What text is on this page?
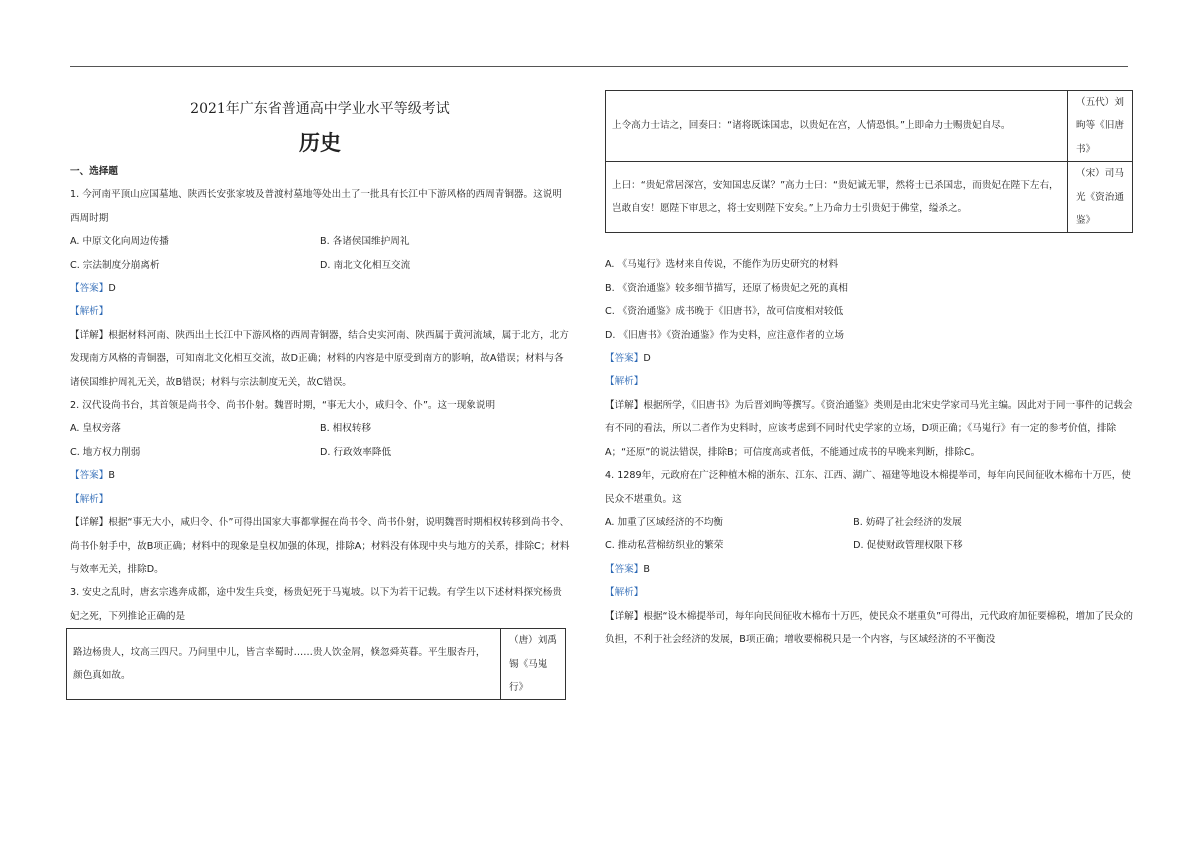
2021年广东省普通高中学业水平等级考试
历史
一、选择题

1. 今河南平顶山应国墓地、陕西长安张家坡及普渡村墓地等处出土了一批具有长江中下游风格的西周青铜器。这说明西周时期

A. 中原文化向周边传播	B. 各诸侯国维护周礼
C. 宗法制度分崩离析	D. 南北文化相互交流

【答案】D

【解析】

【详解】根据材料河南、陕西出土长江中下游风格的西周青铜器，结合史实河南、陕西属于黄河流域，属于北方，北方发现南方风格的青铜器，可知南北文化相互交流，故D正确；材料的内容是中原受到南方的影响，故A错误；材料与各诸侯国维护周礼无关，故B错误；材料与宗法制度无关，故C错误。

2. 汉代设尚书台，其首领是尚书令、尚书仆射。魏晋时期，“事无大小，咸归令、仆”。这一现象说明

A. 皇权旁落	B. 相权转移
C. 地方权力削弱	D. 行政效率降低

【答案】B

【解析】

【详解】根据“事无大小，咸归令、仆”可得出国家大事都掌握在尚书令、尚书仆射，说明魏晋时期相权转移到尚书令、尚书仆射手中，故B项正确；材料中的现象是皇权加强的体现，排除A；材料没有体现中央与地方的关系，排除C；材料与效率无关，排除D。

3. 安史之乱时，唐玄宗逃奔成都，途中发生兵变，杨贵妃死于马嵬坡。以下为若干记载。有学生以下述材料探究杨贵妃之死，下列推论正确的是

路边杨贵人，坟高三四尺。乃问里中儿，皆言幸蜀时……贵人饮金屑，倏忽舜英暮。平生服杏丹，颜色真如故。	（唐）刘禹锡《马嵬行》
上令高力士诘之，回奏曰：“诸将既诛国忠，以贵妃在宫，人情恐惧。”上即命力士赐贵妃自尽。	（五代）刘昫等《旧唐书》
上曰：“贵妃常居深宫，安知国忠反谋？”高力士曰：“贵妃诚无罪，然将士已杀国忠，而贵妃在陛下左右，岂敢自安！愿陛下审思之，将士安则陛下安矣。”上乃命力士引贵妃于佛堂，缢杀之。	（宋）司马光《资治通鉴》

A. 《马嵬行》选材来自传说，不能作为历史研究的材料

B. 《资治通鉴》较多细节描写，还原了杨贵妃之死的真相

C. 《资治通鉴》成书晚于《旧唐书》，故可信度相对较低

D. 《旧唐书》《资治通鉴》作为史料，应注意作者的立场

【答案】D

【解析】

【详解】根据所学，《旧唐书》为后晋刘昫等撰写。《资治通鉴》类则是由北宋史学家司马光主编。因此对于同一事件的记载会有不同的看法，所以二者作为史料时，应该考虑到不同时代史学家的立场，D项正确；《马嵬行》有一定的参考价值，排除A；“还原”的说法错误，排除B；可信度高或者低，不能通过成书的早晚来判断，排除C。

4. 1289年，元政府在广泛种植木棉的浙东、江东、江西、湖广、福建等地设木棉提举司，每年向民间征收木棉布十万匹，使民众不堪重负。这

A. 加重了区域经济的不均衡	B. 妨碍了社会经济的发展
C. 推动私营棉纺织业的繁荣	D. 促使财政管理权限下移

【答案】B

【解析】

【详解】根据“设木棉提举司，每年向民间征收木棉布十万匹，使民众不堪重负”可得出，元代政府加征要棉税，增加了民众的负担，不利于社会经济的发展，B项正确；增收要棉税只是一个内容，与区域经济的不平衡没
